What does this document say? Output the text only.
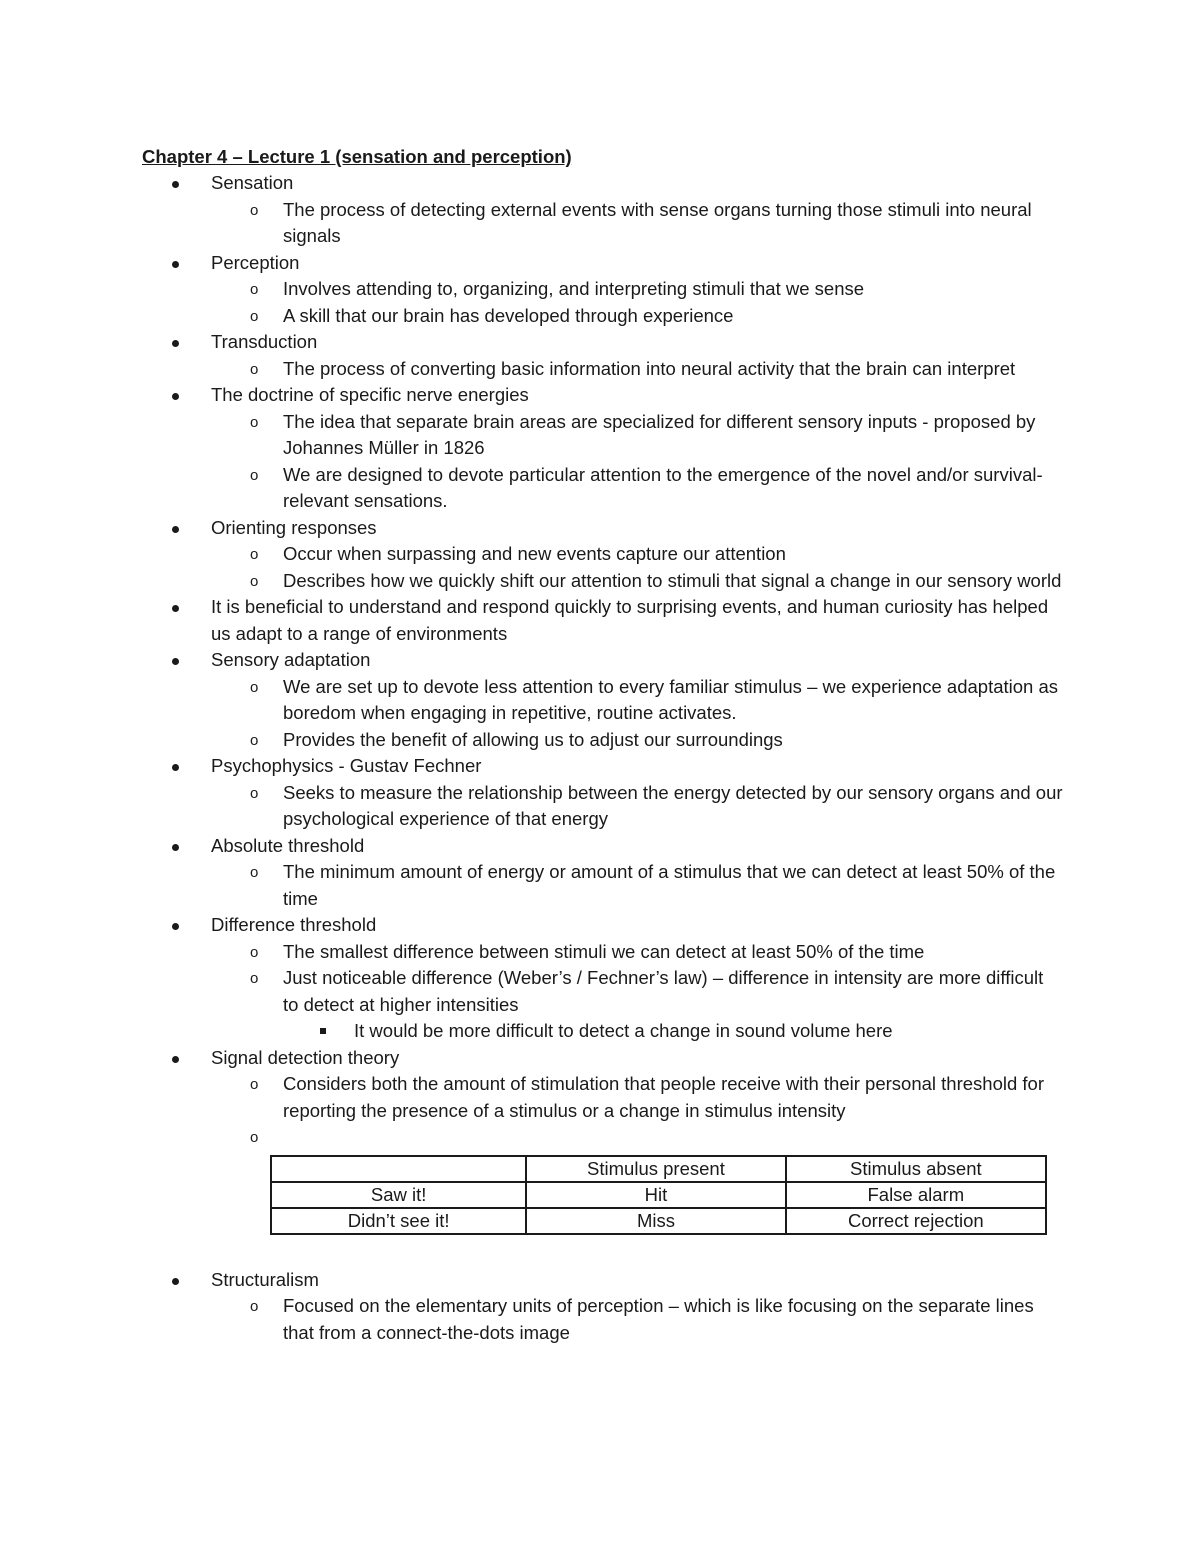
Chapter 4 – Lecture 1 (sensation and perception)
Sensation
o The process of detecting external events with sense organs turning those stimuli into neural signals
Perception
o Involves attending to, organizing, and interpreting stimuli that we sense
o A skill that our brain has developed through experience
Transduction
o The process of converting basic information into neural activity that the brain can interpret
The doctrine of specific nerve energies
o The idea that separate brain areas are specialized for different sensory inputs - proposed by Johannes Müller in 1826
o We are designed to devote particular attention to the emergence of the novel and/or survival-relevant sensations.
Orienting responses
o Occur when surpassing and new events capture our attention
o Describes how we quickly shift our attention to stimuli that signal a change in our sensory world
It is beneficial to understand and respond quickly to surprising events, and human curiosity has helped us adapt to a range of environments
Sensory adaptation
o We are set up to devote less attention to every familiar stimulus – we experience adaptation as boredom when engaging in repetitive, routine activates.
o Provides the benefit of allowing us to adjust our surroundings
Psychophysics - Gustav Fechner
o Seeks to measure the relationship between the energy detected by our sensory organs and our psychological experience of that energy
Absolute threshold
o The minimum amount of energy or amount of a stimulus that we can detect at least 50% of the time
Difference threshold
o The smallest difference between stimuli we can detect at least 50% of the time
o Just noticeable difference (Weber’s / Fechner’s law) – difference in intensity are more difficult to detect at higher intensities
It would be more difficult to detect a change in sound volume here
Signal detection theory
o Considers both the amount of stimulation that people receive with their personal threshold for reporting the presence of a stimulus or a change in stimulus intensity
o
	Stimulus present	Stimulus absent
Saw it!	Hit	False alarm
Didn’t see it!	Miss	Correct rejection
Structuralism
o Focused on the elementary units of perception – which is like focusing on the separate lines that from a connect-the-dots image
